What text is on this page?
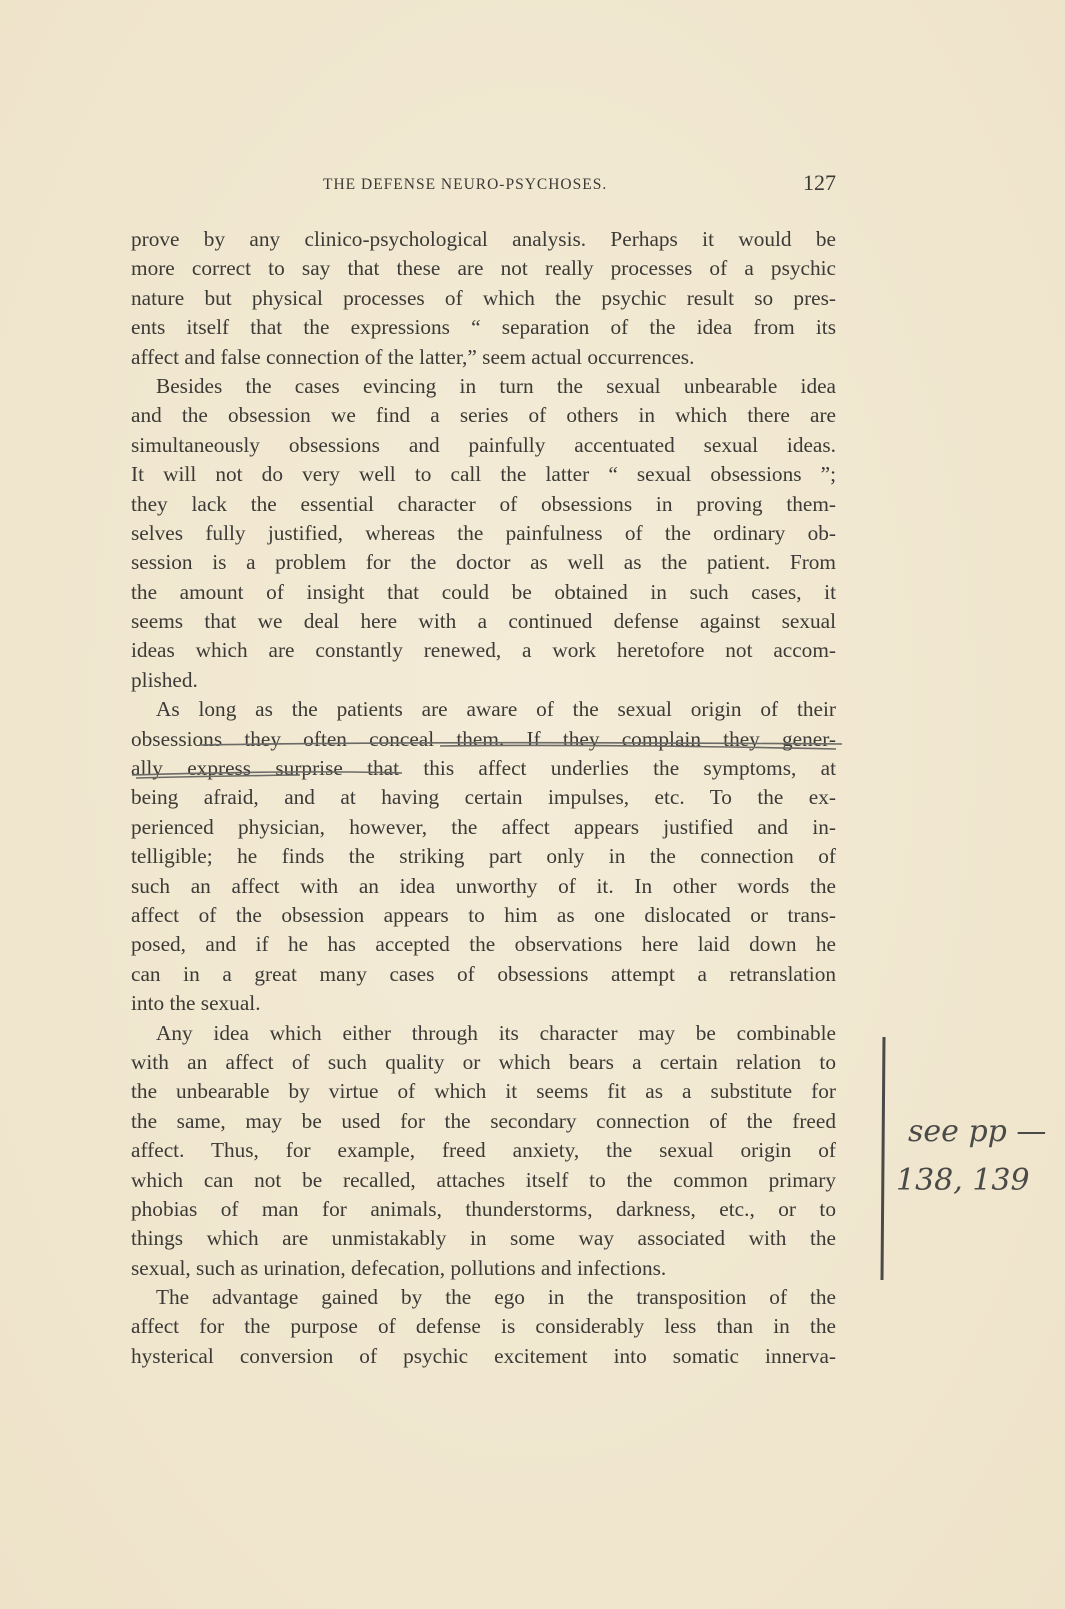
THE DEFENSE NEURO-PSYCHOSES.	127
prove by any clinico-psychological analysis. Perhaps it would be
more correct to say that these are not really processes of a psychic
nature but physical processes of which the psychic result so pres-
ents itself that the expressions “ separation of the idea from its
affect and false connection of the latter,” seem actual occurrences.
Besides the cases evincing in turn the sexual unbearable idea
and the obsession we find a series of others in which there are
simultaneously obsessions and painfully accentuated sexual ideas.
It will not do very well to call the latter “ sexual obsessions ”;
they lack the essential character of obsessions in proving them-
selves fully justified, whereas the painfulness of the ordinary ob-
session is a problem for the doctor as well as the patient. From
the amount of insight that could be obtained in such cases, it
seems that we deal here with a continued defense against sexual
ideas which are constantly renewed, a work heretofore not accom-
plished.
As long as the patients are aware of the sexual origin of their
obsessions they often conceal them. If they complain they gener-
ally express surprise that this affect underlies the symptoms, at
being afraid, and at having certain impulses, etc. To the ex-
perienced physician, however, the affect appears justified and in-
telligible; he finds the striking part only in the connection of
such an affect with an idea unworthy of it. In other words the
affect of the obsession appears to him as one dislocated or trans-
posed, and if he has accepted the observations here laid down he
can in a great many cases of obsessions attempt a retranslation
into the sexual.
Any idea which either through its character may be combinable
with an affect of such quality or which bears a certain relation to
the unbearable by virtue of which it seems fit as a substitute for
the same, may be used for the secondary connection of the freed
affect. Thus, for example, freed anxiety, the sexual origin of
which can not be recalled, attaches itself to the common primary
phobias of man for animals, thunderstorms, darkness, etc., or to
things which are unmistakably in some way associated with the
sexual, such as urination, defecation, pollutions and infections.
The advantage gained by the ego in the transposition of the
affect for the purpose of defense is considerably less than in the
hysterical conversion of psychic excitement into somatic innerva-
see pp —
138, 139
